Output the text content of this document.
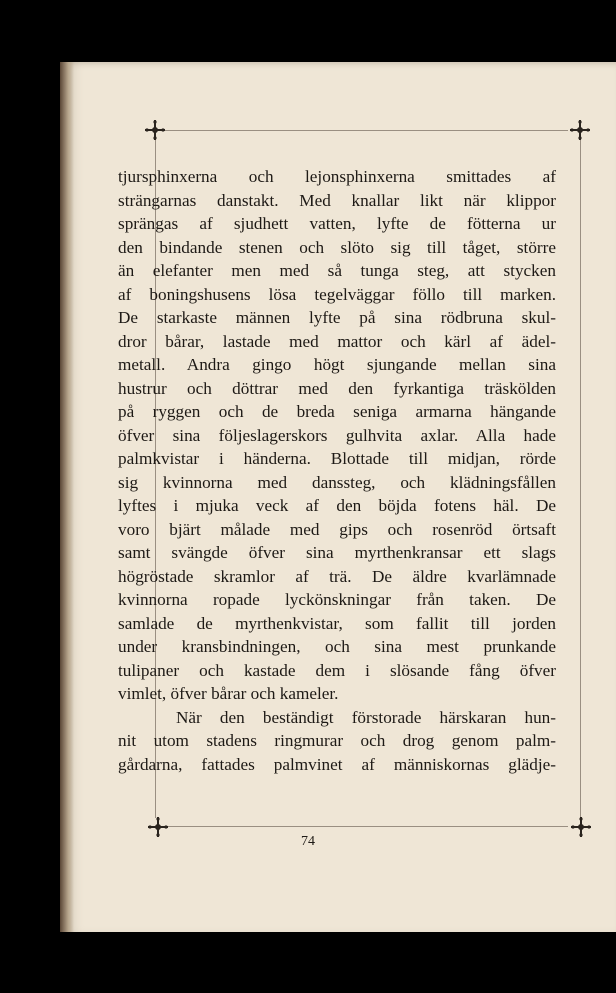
tjursphinxerna och lejonsphinxerna smittades af
strängarnas danstakt. Med knallar likt när klippor
sprängas af sjudhett vatten, lyfte de fötterna ur
den bindande stenen och slöto sig till tåget, större
än elefanter men med så tunga steg, att stycken
af boningshusens lösa tegelväggar föllo till marken.
De starkaste männen lyfte på sina rödbruna skul-
dror bårar, lastade med mattor och kärl af ädel-
metall. Andra gingo högt sjungande mellan sina
hustrur och döttrar med den fyrkantiga träskölden
på ryggen och de breda seniga armarna hängande
öfver sina följeslagerskors gulhvita axlar. Alla hade
palmkvistar i händerna. Blottade till midjan, rörde
sig kvinnorna med danssteg, och klädningsfållen
lyftes i mjuka veck af den böjda fotens häl. De
voro bjärt målade med gips och rosenröd örtsaft
samt svängde öfver sina myrthenkransar ett slags
högröstade skramlor af trä. De äldre kvarlämnade
kvinnorna ropade lyckönskningar från taken. De
samlade de myrthenkvistar, som fallit till jorden
under kransbindningen, och sina mest prunkande
tulipaner och kastade dem i slösande fång öfver
vimlet, öfver bårar och kameler.
När den beständigt förstorade härskaran hun-
nit utom stadens ringmurar och drog genom palm-
gårdarna, fattades palmvinet af människornas glädje-
74
